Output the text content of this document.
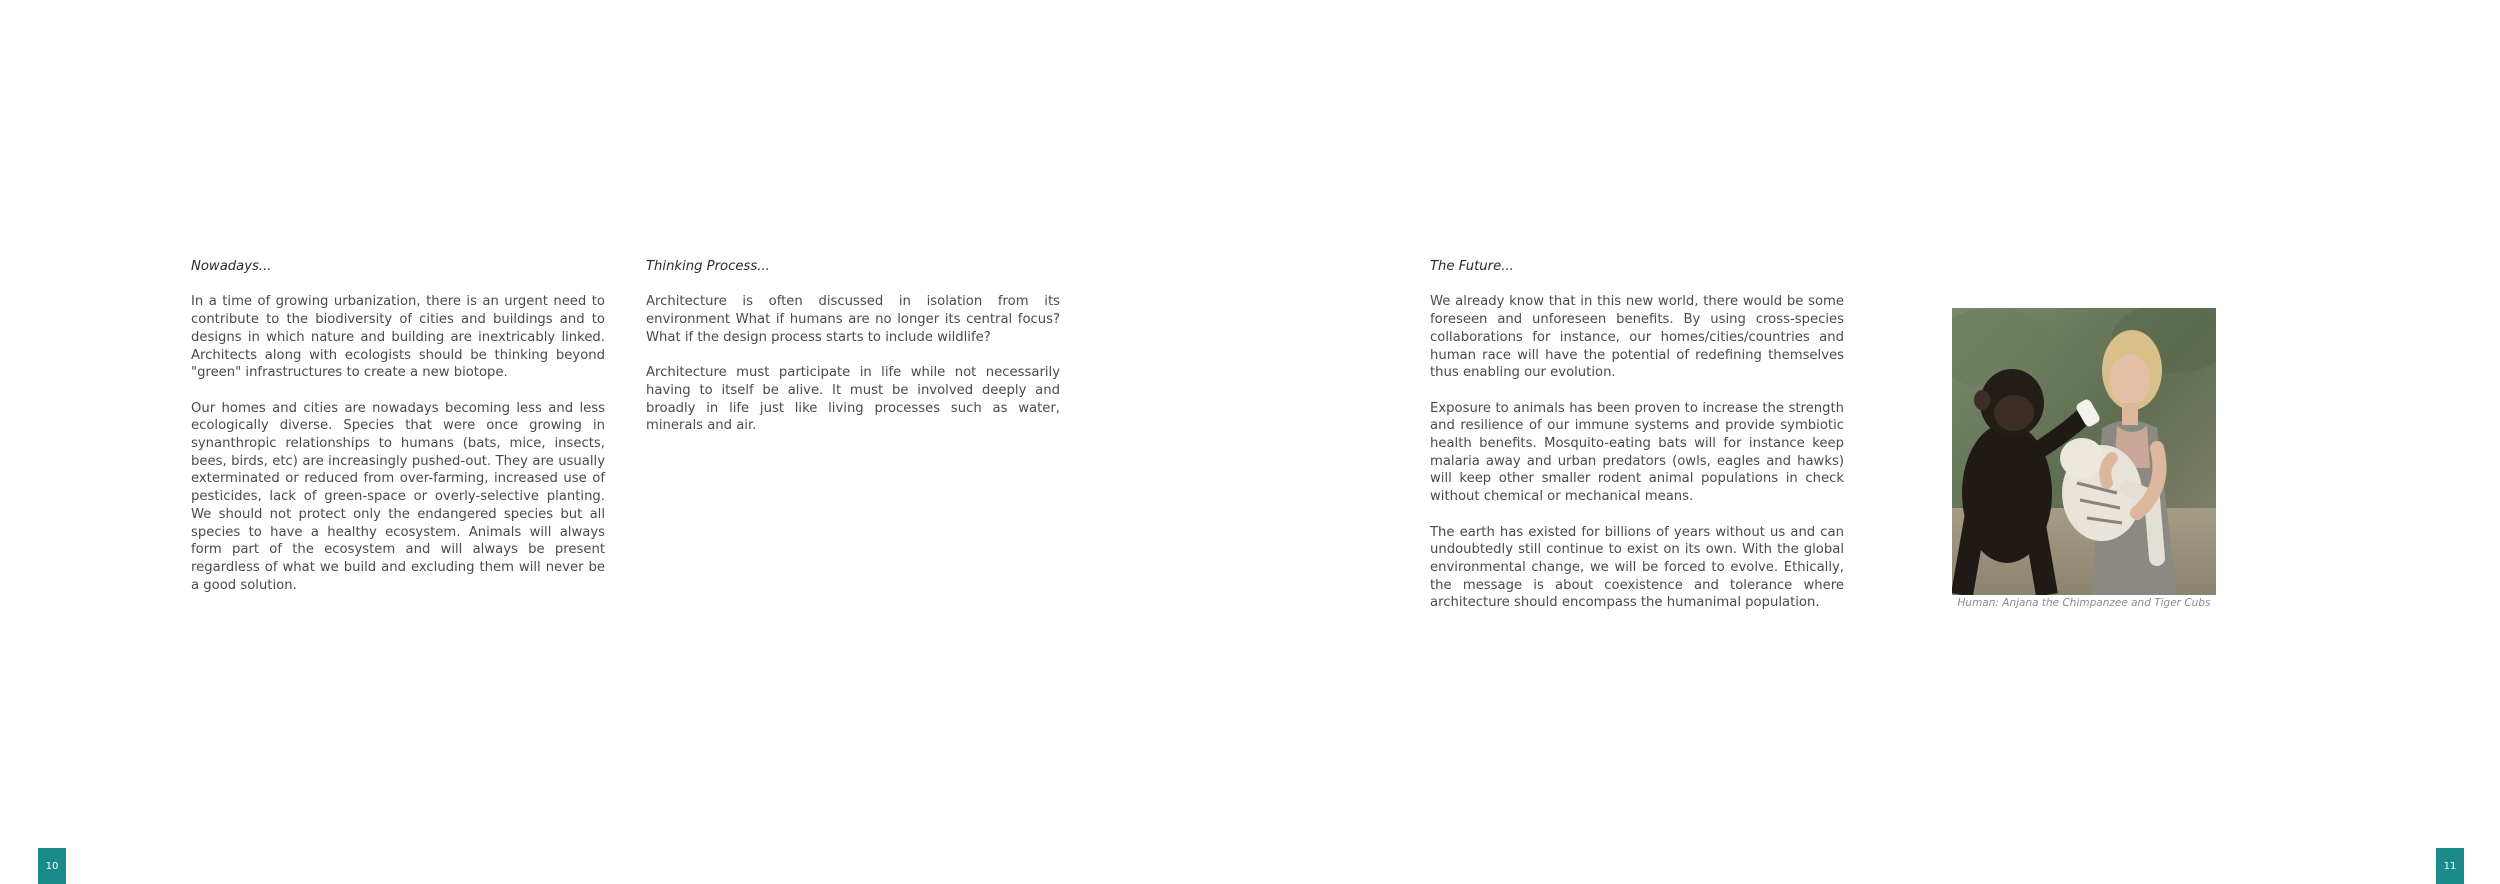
Nowadays...

In a time of growing urbanization, there is an urgent need to contribute to the biodiversity of cities and buildings and to designs in which nature and building are inextricably linked. Architects along with ecologists should be thinking beyond "green" infrastructures to create a new biotope.

Our homes and cities are nowadays becoming less and less ecologically diverse. Species that were once growing in synanthropic relationships to humans (bats, mice, insects, bees, birds, etc) are increasingly pushed-out. They are usually exterminated or reduced from over-farming, increased use of pesticides, lack of green-space or overly-selective planting. We should not protect only the endangered species but all species to have a healthy ecosystem. Animals will always form part of the ecosystem and will always be present regardless of what we build and excluding them will never be a good solution.

Thinking Process...

Architecture is often discussed in isolation from its environment What if humans are no longer its central focus? What if the design process starts to include wildlife?

Architecture must participate in life while not necessarily having to itself be alive. It must be involved deeply and broadly in life just like living processes such as water, minerals and air.

The Future...

We already know that in this new world, there would be some foreseen and unforeseen benefits. By using cross-species collaborations for instance, our homes/cities/countries and human race will have the potential of redefining themselves thus enabling our evolution.

Exposure to animals has been proven to increase the strength and resilience of our immune systems and provide symbiotic health benefits. Mosquito-eating bats will for instance keep malaria away and urban predators (owls, eagles and hawks) will keep other smaller rodent animal populations in check without chemical or mechanical means.

The earth has existed for billions of years without us and can undoubtedly still continue to exist on its own. With the global environmental change, we will be forced to evolve. Ethically, the message is about coexistence and tolerance where architecture should encompass the humanimal population.	Human: Anjana the Chimpanzee and Tiger Cubs
10	11
